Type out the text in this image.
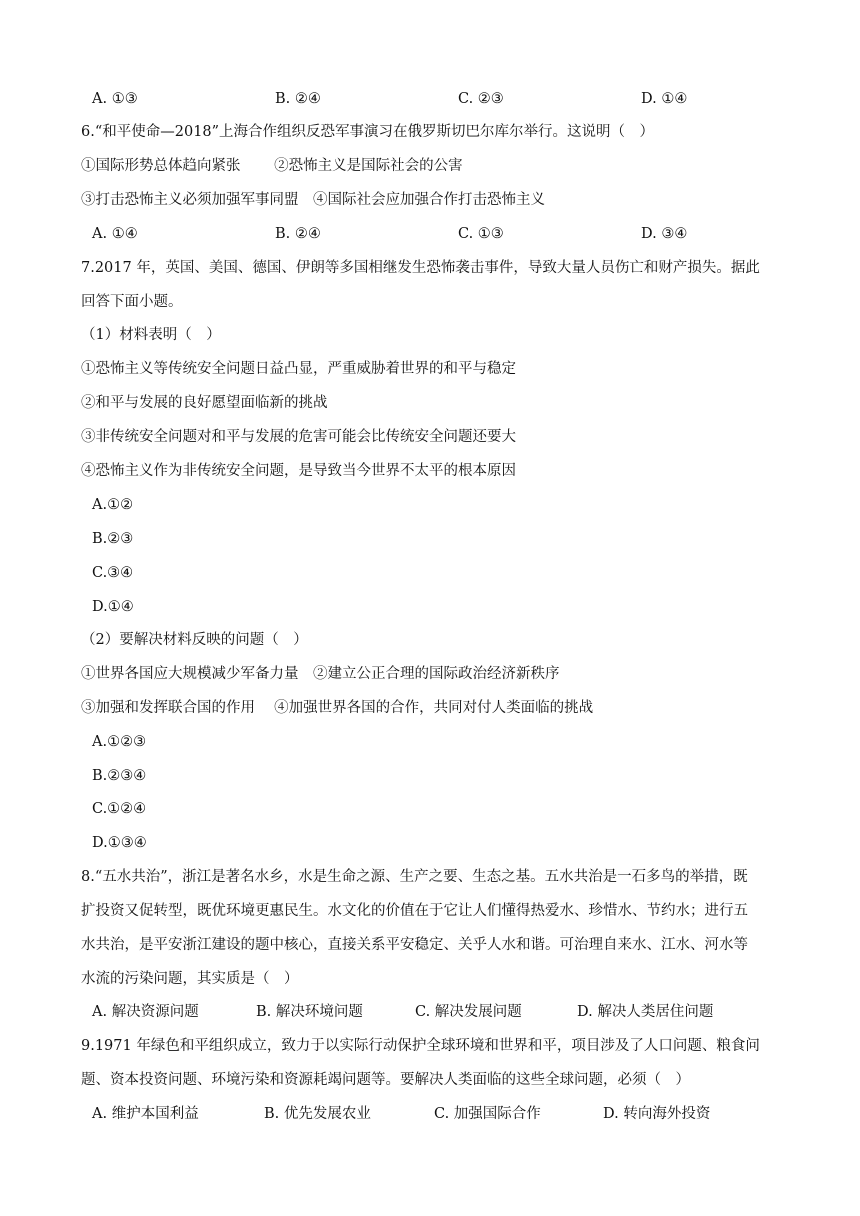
A. ①③	B. ②④	C. ②③	D. ①④
6.“和平使命—2018”上海合作组织反恐军事演习在俄罗斯切巴尔库尔举行。这说明（　）
①国际形势总体趋向紧张　　 ②恐怖主义是国际社会的公害
③打击恐怖主义必须加强军事同盟　④国际社会应加强合作打击恐怖主义
A. ①④	B. ②④	C. ①③	D. ③④
7.2017 年，英国、美国、德国、伊朗等多国相继发生恐怖袭击事件，导致大量人员伤亡和财产损失。据此
回答下面小题。
（1）材料表明（　）
①恐怖主义等传统安全问题日益凸显，严重威胁着世界的和平与稳定
②和平与发展的良好愿望面临新的挑战
③非传统安全问题对和平与发展的危害可能会比传统安全问题还要大
④恐怖主义作为非传统安全问题，是导致当今世界不太平的根本原因
A.①②
B.②③
C.③④
D.①④
（2）要解决材料反映的问题（　）
①世界各国应大规模减少军备力量　②建立公正合理的国际政治经济新秩序
③加强和发挥联合国的作用　 ④加强世界各国的合作，共同对付人类面临的挑战
A.①②③
B.②③④
C.①②④
D.①③④
8.“五水共治”，浙江是著名水乡，水是生命之源、生产之要、生态之基。五水共治是一石多鸟的举措，既
扩投资又促转型，既优环境更惠民生。水文化的价值在于它让人们懂得热爱水、珍惜水、节约水；进行五
水共治，是平安浙江建设的题中核心，直接关系平安稳定、关乎人水和谐。可治理自来水、江水、河水等
水流的污染问题，其实质是（　）
A. 解决资源问题	B. 解决环境问题	C. 解决发展问题	D. 解决人类居住问题
9.1971 年绿色和平组织成立，致力于以实际行动保护全球环境和世界和平，项目涉及了人口问题、粮食问
题、资本投资问题、环境污染和资源耗竭问题等。要解决人类面临的这些全球问题，必须（　）
A. 维护本国利益	B. 优先发展农业	C. 加强国际合作	D. 转向海外投资
